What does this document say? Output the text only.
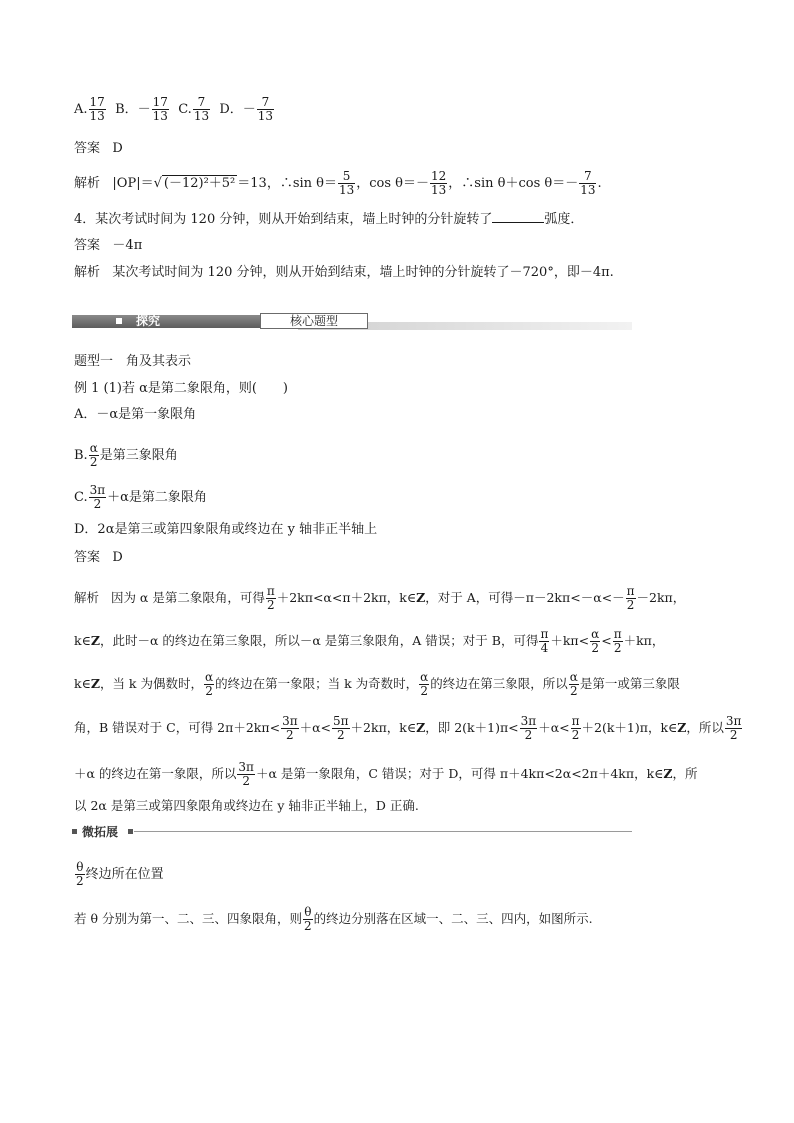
A. $\frac{17}{13}$ B．－ $\frac{17}{13} C$. $\frac{7}{13}$ D．－ $\frac{7}{13}$
答案 D
解析 |OP|＝√ (－12)²＋5² ＝13，∴sin $\theta= \frac{5}{13}$ ，$\cos \theta=- \frac{12}{13}$ ，∴sin θ＋cos $\theta=- \frac{7}{13}$ .
4．某次考试时间为 120 分钟，则从开始到结束，墙上时钟的分针旋转了	弧度．
答案 －4π
解析 某次考试时间为 120 分钟，则从开始到结束，墙上时钟的分针旋转了－720°，即－4π.
探究	核心题型
题型一　角及其表示
例 1 (1)若 α是第二象限角，则(　　)
A．－α是第一象限角
B. $\frac{\alpha}{2}$ 是第三象限角
C. $\frac{3\pi}{2} +\alpha$是第二象限角
D．2α是第三或第四象限角或终边在 y 轴非正半轴上
答案 D
解析 因为 α 是第二象限角，可得 $\frac{\pi}{2} +2k\pi<\alpha<\pi+2k\pi$，k∈Z，对于 A，可得$-\pi-2k\pi<-\alpha<- \frac{\pi}{2} -2k\pi$，
k∈Z，此时－α 的终边在第三象限，所以－α 是第三象限角，A 错误；对于 B，可得 $\frac{\pi}{4} +k\pi< \frac{\alpha}{2} < \frac{\pi}{2} +k\pi$，
k∈Z，当 k 为偶数时， $\frac{\alpha}{2}$ 的终边在第一象限；当 k 为奇数时， $\frac{\alpha}{2}$ 的终边在第三象限，所以 $\frac{\alpha}{2}$ 是第一或第三象限
角，B 错误对于 C，可得 $2\pi+2k\pi< \frac{3\pi}{2} +\alpha< \frac{5\pi}{2} +2k\pi$，k∈Z，即 $2(k+1)\pi< \frac{3\pi}{2} +\alpha< \frac{\pi}{2} +2(k+1)\pi$，k∈Z，所以 $\frac{3\pi}{2}$
＋α 的终边在第一象限，所以 $\frac{3\pi}{2} +\alpha$ 是第一象限角，C 错误；对于 D，可得 π＋4kπ<2α<2π＋4kπ，k∈Z，所
以 2α 是第三或第四象限角或终边在 y 轴非正半轴上，D 正确.
微拓展
$\frac{\theta}{2}$ 终边所在位置
若 θ 分别为第一、二、三、四象限角，则 $\frac{\theta}{2}$ 的终边分别落在区域一、二、三、四内，如图所示.
